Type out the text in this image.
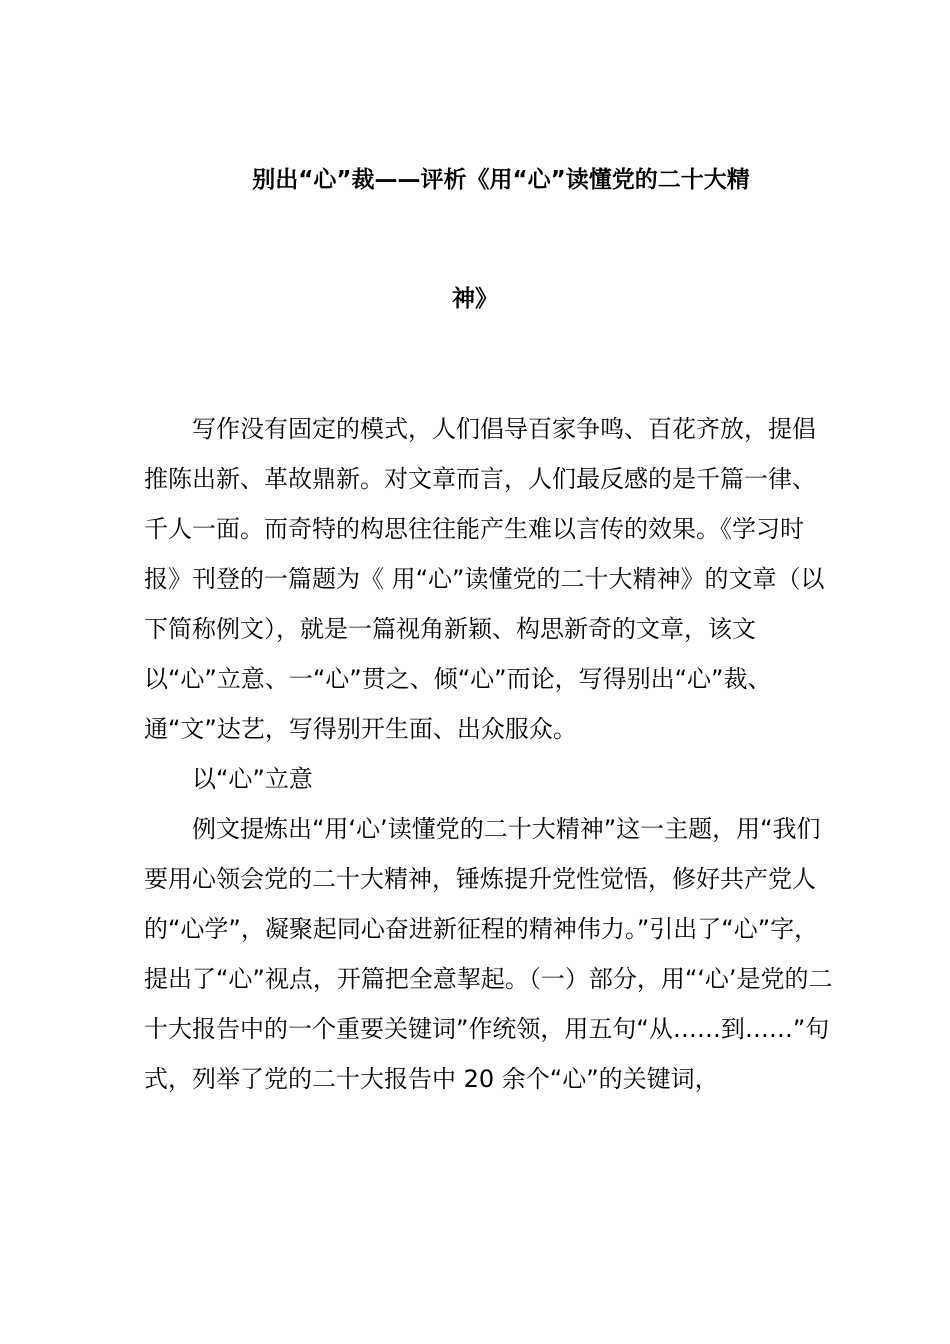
别出“心”裁——评析《用“心”读懂党的二十大精
神》

写作没有固定的模式，人们倡导百家争鸣、百花齐放，提倡推陈出新、革故鼎新。对文章而言，人们最反感的是千篇一律、千人一面。而奇特的构思往往能产生难以言传的效果。《学习时报》刊登的一篇题为《 用“心”读懂党的二十大精神》的文章（以下简称例文），就是一篇视角新颖、构思新奇的文章，该文以“心”立意、一“心”贯之、倾“心”而论，写得别出“心”裁、通“文”达艺，写得别开生面、出众服众。

以“心”立意

例文提炼出“用‘心’读懂党的二十大精神”这一主题，用“我们要用心领会党的二十大精神，锤炼提升党性觉悟，修好共产党人的“心学”，凝聚起同心奋进新征程的精神伟力。”引出了“心”字，提出了“心”视点，开篇把全意挈起。（一）部分，用“‘心’是党的二十大报告中的一个重要关键词”作统领，用五句“从……到……”句式，列举了党的二十大报告中 20 余个“心”的关键词，
